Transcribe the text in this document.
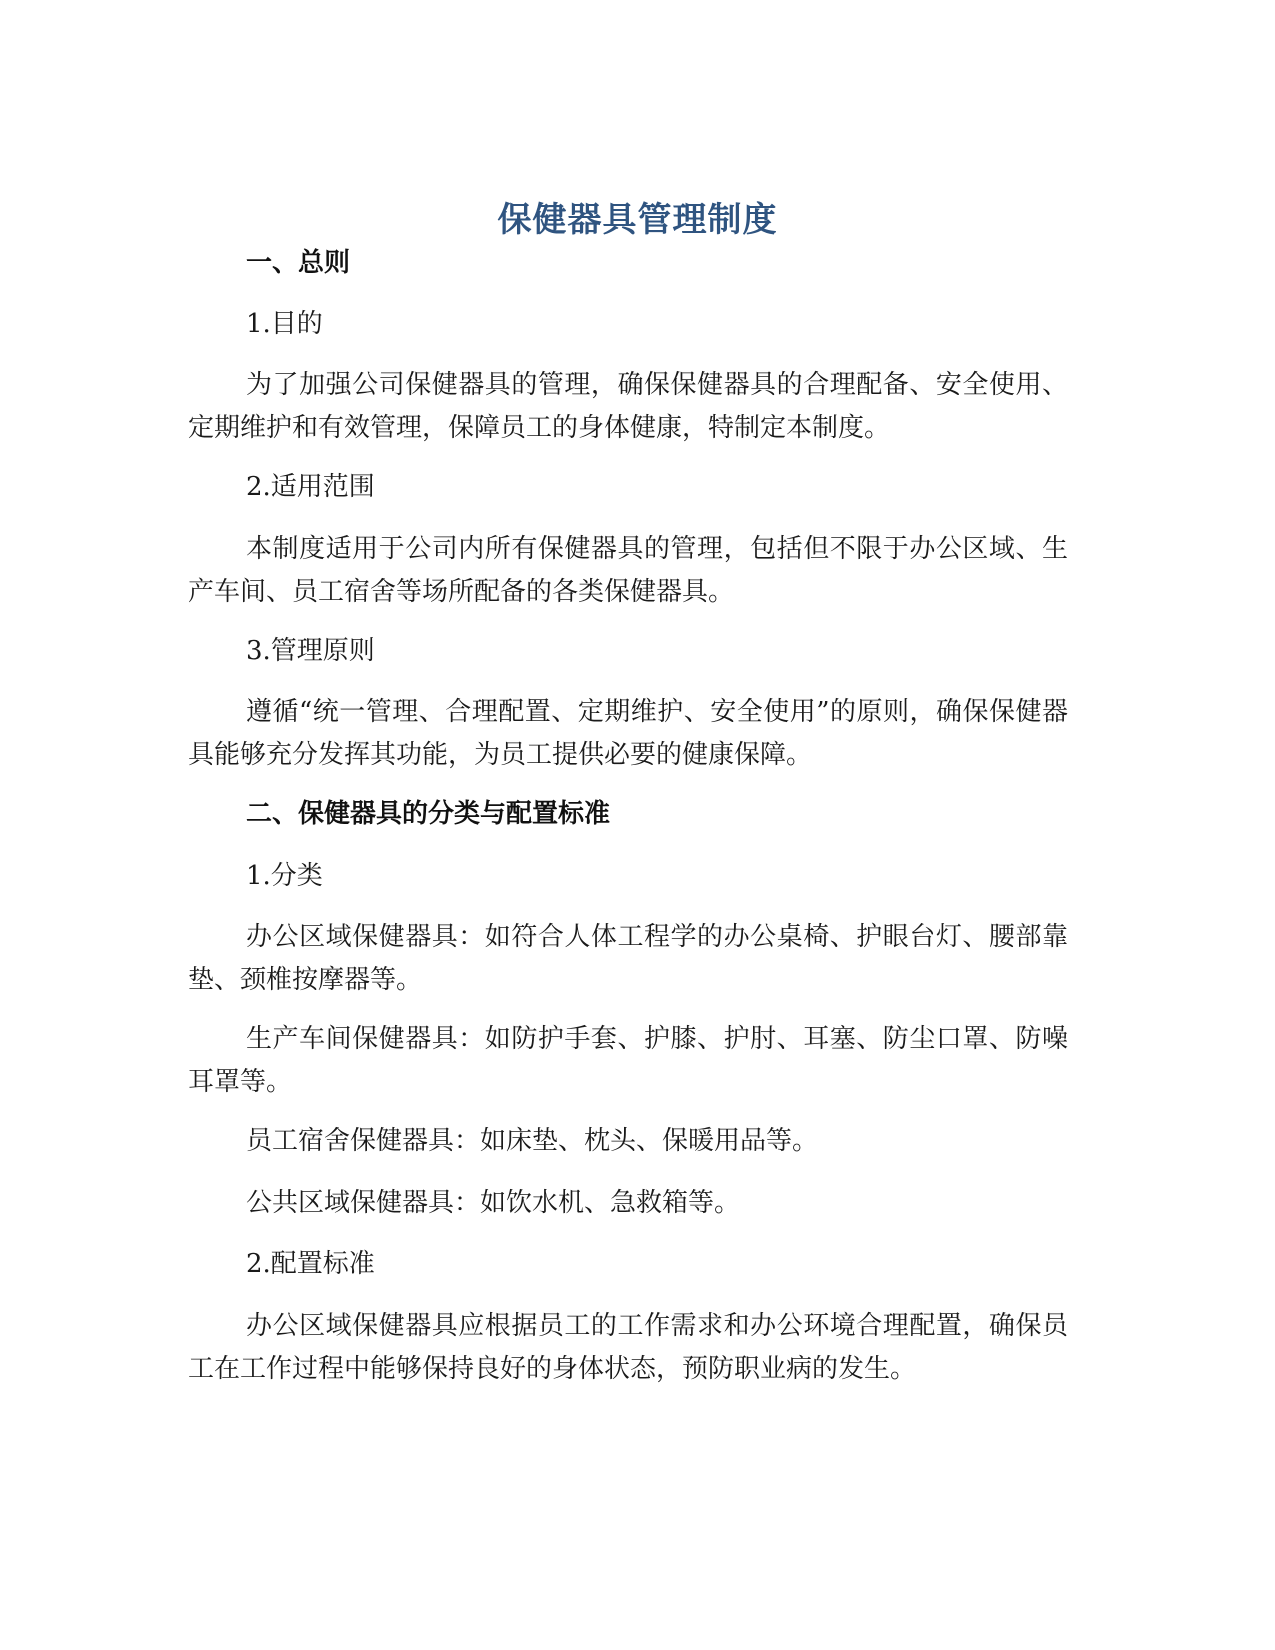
保健器具管理制度
一、总则

1.目的

为了加强公司保健器具的管理，确保保健器具的合理配备、安全使用、定期维护和有效管理，保障员工的身体健康，特制定本制度。

2.适用范围

本制度适用于公司内所有保健器具的管理，包括但不限于办公区域、生产车间、员工宿舍等场所配备的各类保健器具。

3.管理原则

遵循“统一管理、合理配置、定期维护、安全使用”的原则，确保保健器具能够充分发挥其功能，为员工提供必要的健康保障。

二、保健器具的分类与配置标准

1.分类

办公区域保健器具：如符合人体工程学的办公桌椅、护眼台灯、腰部靠垫、颈椎按摩器等。

生产车间保健器具：如防护手套、护膝、护肘、耳塞、防尘口罩、防噪耳罩等。

员工宿舍保健器具：如床垫、枕头、保暖用品等。

公共区域保健器具：如饮水机、急救箱等。

2.配置标准

办公区域保健器具应根据员工的工作需求和办公环境合理配置，确保员工在工作过程中能够保持良好的身体状态，预防职业病的发生。
